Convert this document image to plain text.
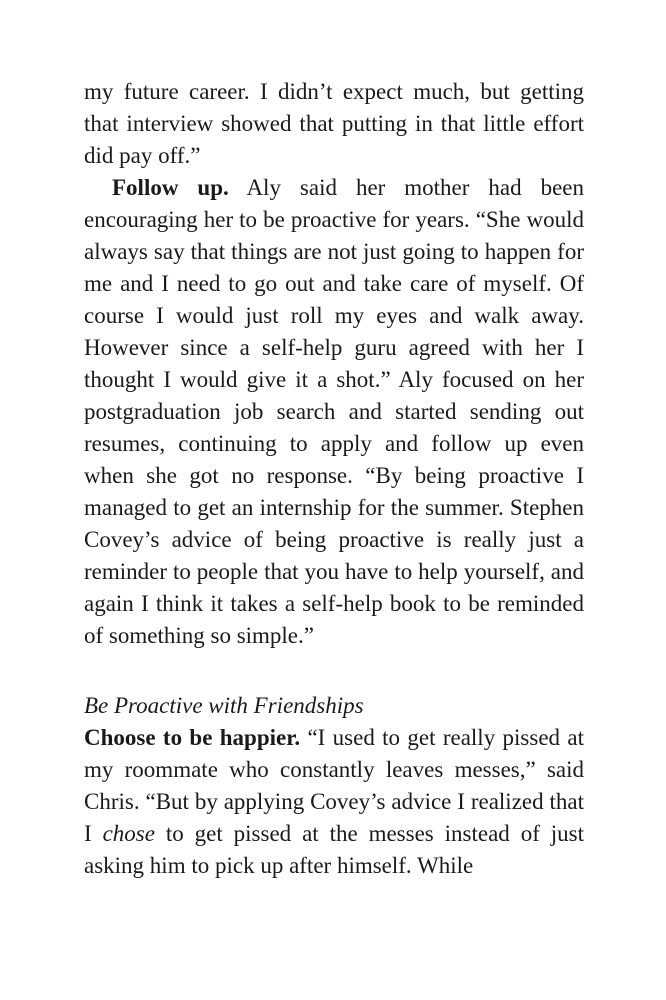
my future career. I didn’t expect much, but getting that interview showed that putting in that little effort did pay off.”

Follow up. Aly said her mother had been encouraging her to be proactive for years. “She would always say that things are not just going to happen for me and I need to go out and take care of myself. Of course I would just roll my eyes and walk away. However since a self-help guru agreed with her I thought I would give it a shot.” Aly focused on her postgraduation job search and started sending out resumes, continuing to apply and follow up even when she got no response. “By being proactive I managed to get an internship for the summer. Stephen Covey’s advice of being proactive is really just a reminder to people that you have to help yourself, and again I think it takes a self-help book to be reminded of something so simple.”

Be Proactive with Friendships

Choose to be happier. “I used to get really pissed at my roommate who constantly leaves messes,” said Chris. “But by applying Covey’s advice I realized that I chose to get pissed at the messes instead of just asking him to pick up after himself. While
